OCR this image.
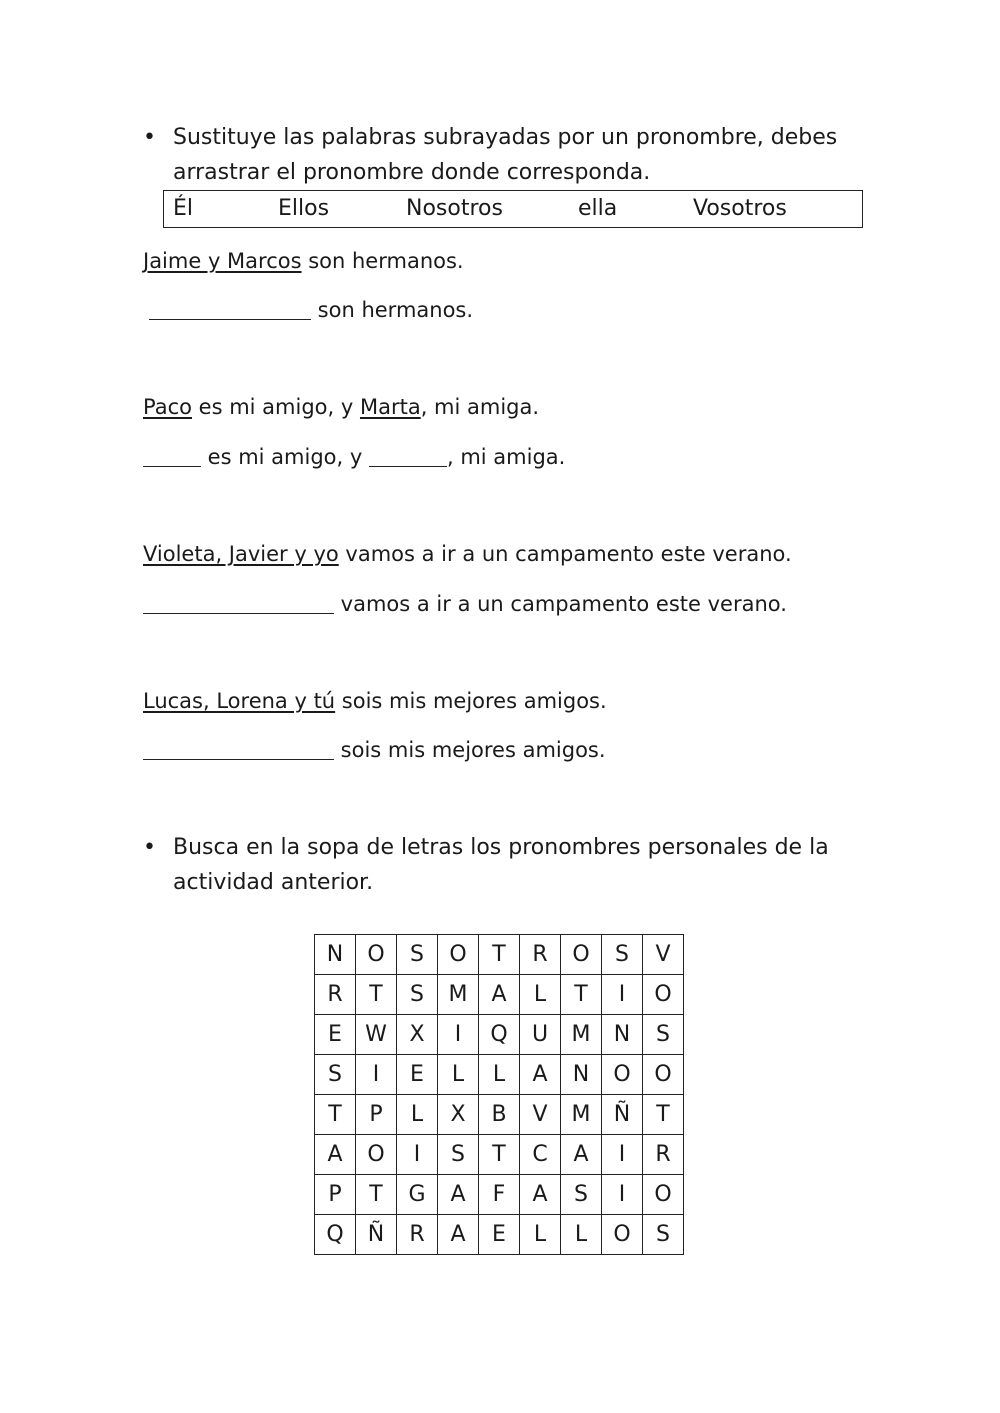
• Sustituye las palabras subrayadas por un pronombre, debes
arrastrar el pronombre donde corresponda.
Él	Ellos	Nosotros	ella	Vosotros
Jaime y Marcos son hermanos.
son hermanos.
Paco es mi amigo, y Marta, mi amiga.
es mi amigo, y	, mi amiga.
Violeta, Javier y yo vamos a ir a un campamento este verano.
vamos a ir a un campamento este verano.
Lucas, Lorena y tú sois mis mejores amigos.
sois mis mejores amigos.
• Busca en la sopa de letras los pronombres personales de la
actividad anterior.
N	O	S	O	T	R	O	S	V
R	T	S	M	A	L	T	I	O
E	W	X	I	Q	U	M	N	S
S	I	E	L	L	A	N	O	O
T	P	L	X	B	V	M	Ñ	T
A	O	I	S	T	C	A	I	R
P	T	G	A	F	A	S	I	O
Q	Ñ	R	A	E	L	L	O	S
